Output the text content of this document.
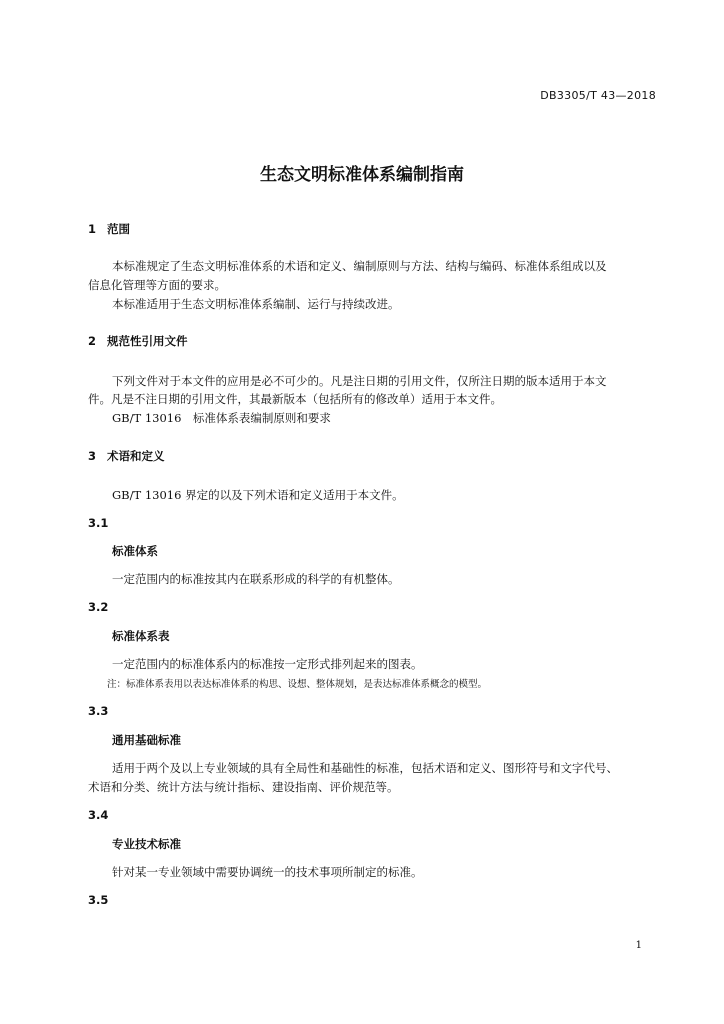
DB3305/T 43—2018
生态文明标准体系编制指南
1 范围
本标准规定了生态文明标准体系的术语和定义、编制原则与方法、结构与编码、标准体系组成以及
信息化管理等方面的要求。
本标准适用于生态文明标准体系编制、运行与持续改进。
2 规范性引用文件
下列文件对于本文件的应用是必不可少的。凡是注日期的引用文件，仅所注日期的版本适用于本文
件。凡是不注日期的引用文件，其最新版本（包括所有的修改单）适用于本文件。
GB/T 13016　标准体系表编制原则和要求
3 术语和定义
GB/T 13016 界定的以及下列术语和定义适用于本文件。
3.1
标准体系
一定范围内的标准按其内在联系形成的科学的有机整体。
3.2
标准体系表
一定范围内的标准体系内的标准按一定形式排列起来的图表。
注：标准体系表用以表达标准体系的构思、设想、整体规划，是表达标准体系概念的模型。
3.3
通用基础标准
适用于两个及以上专业领域的具有全局性和基础性的标准，包括术语和定义、图形符号和文字代号、
术语和分类、统计方法与统计指标、建设指南、评价规范等。
3.4
专业技术标准
针对某一专业领域中需要协调统一的技术事项所制定的标准。
3.5
1
